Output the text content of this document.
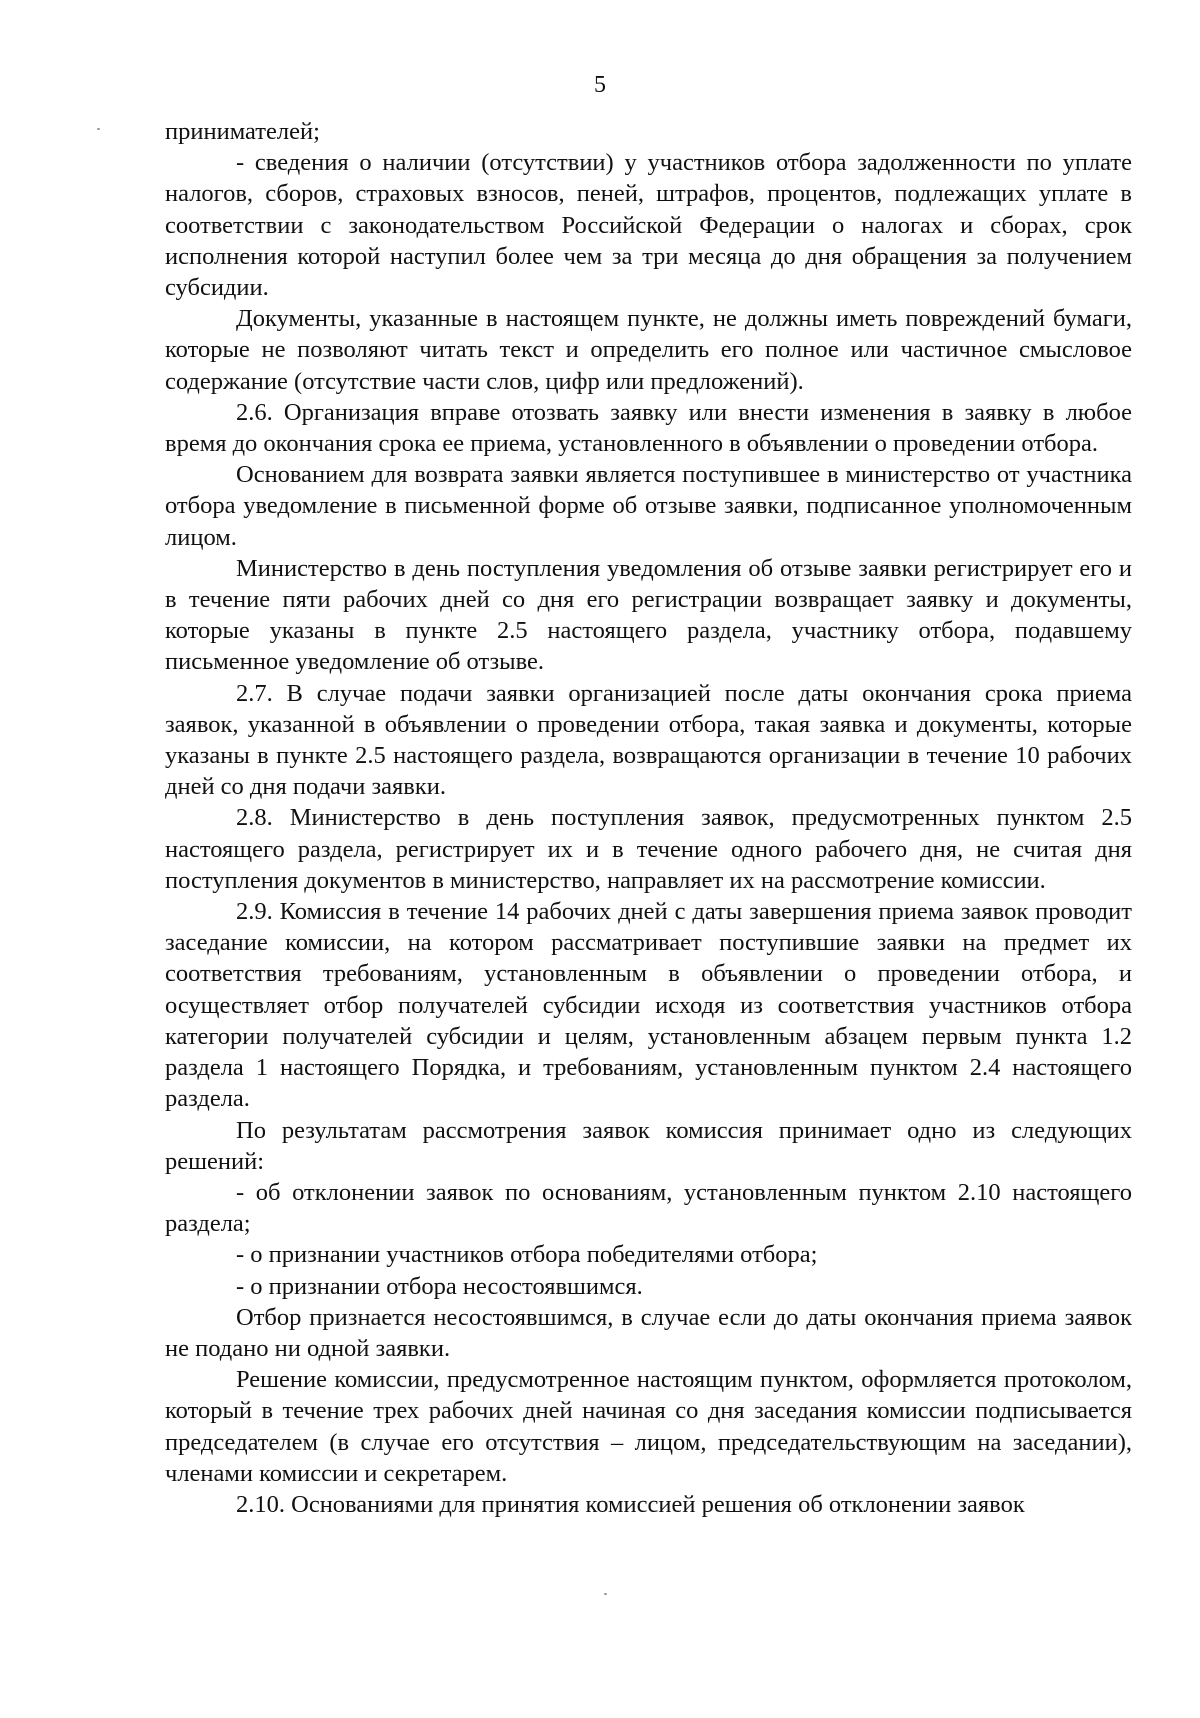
5

принимателей;

- сведения о наличии (отсутствии) у участников отбора задолженности по уплате налогов, сборов, страховых взносов, пеней, штрафов, процентов, подлежащих уплате в соответствии с законодательством Российской Федерации о налогах и сборах, срок исполнения которой наступил более чем за три месяца до дня обращения за получением субсидии.

Документы, указанные в настоящем пункте, не должны иметь повреждений бумаги, которые не позволяют читать текст и определить его полное или частичное смысловое содержание (отсутствие части слов, цифр или предложений).

2.6. Организация вправе отозвать заявку или внести изменения в заявку в любое время до окончания срока ее приема, установленного в объявлении о проведении отбора.

Основанием для возврата заявки является поступившее в министерство от участника отбора уведомление в письменной форме об отзыве заявки, подписанное уполномоченным лицом.

Министерство в день поступления уведомления об отзыве заявки регистрирует его и в течение пяти рабочих дней со дня его регистрации возвращает заявку и документы, которые указаны в пункте 2.5 настоящего раздела, участнику отбора, подавшему письменное уведомление об отзыве.

2.7. В случае подачи заявки организацией после даты окончания срока приема заявок, указанной в объявлении о проведении отбора, такая заявка и документы, которые указаны в пункте 2.5 настоящего раздела, возвращаются организации в течение 10 рабочих дней со дня подачи заявки.

2.8. Министерство в день поступления заявок, предусмотренных пунктом 2.5 настоящего раздела, регистрирует их и в течение одного рабочего дня, не считая дня поступления документов в министерство, направляет их на рассмотрение комиссии.

2.9. Комиссия в течение 14 рабочих дней с даты завершения приема заявок проводит заседание комиссии, на котором рассматривает поступившие заявки на предмет их соответствия требованиям, установленным в объявлении о проведении отбора, и осуществляет отбор получателей субсидии исходя из соответствия участников отбора категории получателей субсидии и целям, установленным абзацем первым пункта 1.2 раздела 1 настоящего Порядка, и требованиям, установленным пунктом 2.4 настоящего раздела.

По результатам рассмотрения заявок комиссия принимает одно из следующих решений:

- об отклонении заявок по основаниям, установленным пунктом 2.10 настоящего раздела;

- о признании участников отбора победителями отбора;

- о признании отбора несостоявшимся.

Отбор признается несостоявшимся, в случае если до даты окончания приема заявок не подано ни одной заявки.

Решение комиссии, предусмотренное настоящим пунктом, оформляется протоколом, который в течение трех рабочих дней начиная со дня заседания комиссии подписывается председателем (в случае его отсутствия – лицом, председательствующим на заседании), членами комиссии и секретарем.

2.10. Основаниями для принятия комиссией решения об отклонении заявок
